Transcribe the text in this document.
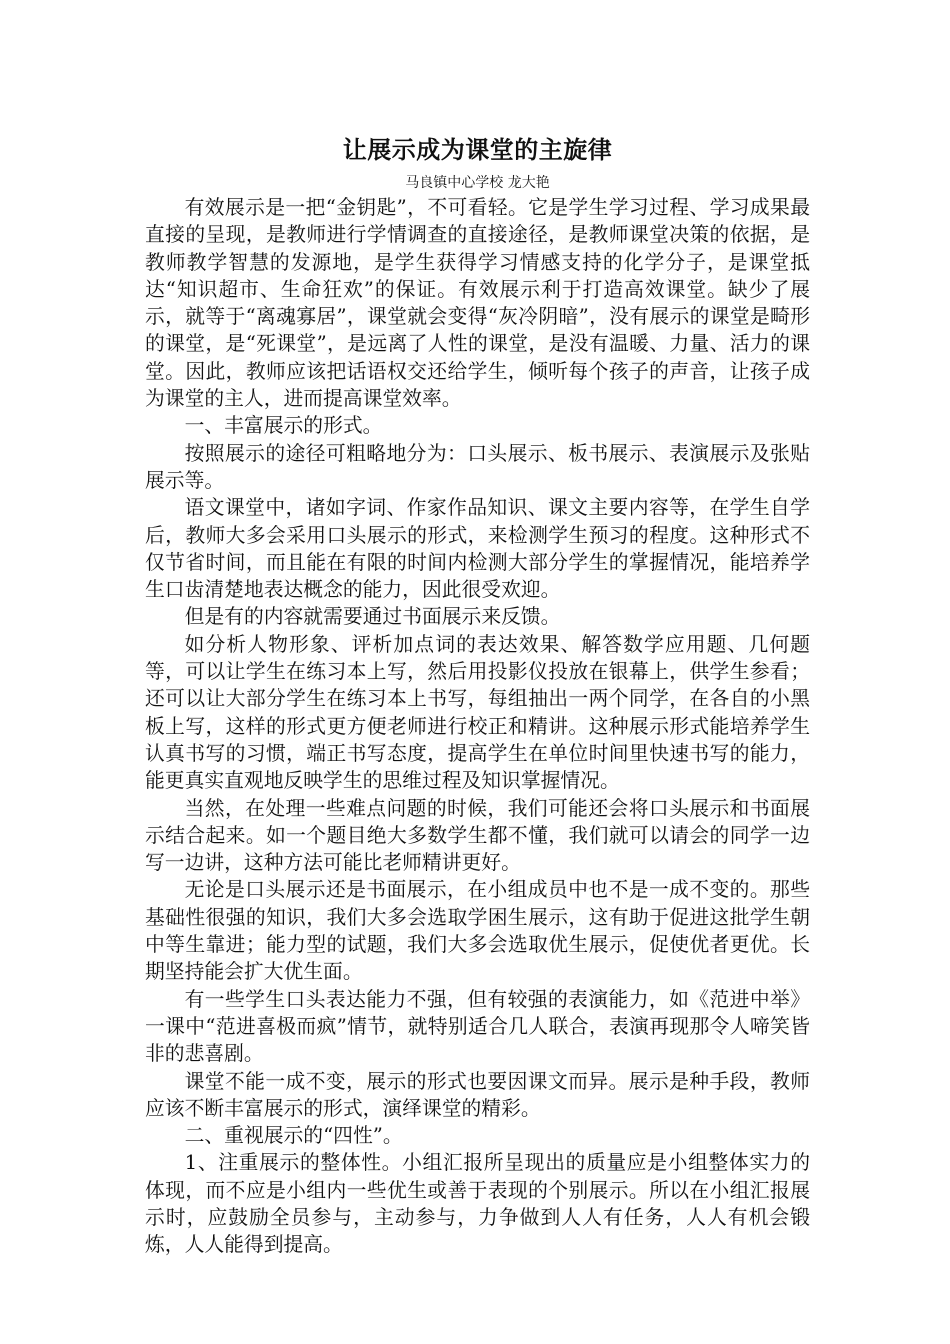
让展示成为课堂的主旋律
马良镇中心学校 龙大艳

有效展示是一把“金钥匙”，不可看轻。它是学生学习过程、学习成果最直接的呈现，是教师进行学情调查的直接途径，是教师课堂决策的依据，是教师教学智慧的发源地，是学生获得学习情感支持的化学分子，是课堂抵达“知识超市、生命狂欢”的保证。有效展示利于打造高效课堂。缺少了展示，就等于“离魂寡居”，课堂就会变得“灰冷阴暗”，没有展示的课堂是畸形的课堂，是“死课堂”，是远离了人性的课堂，是没有温暖、力量、活力的课堂。因此，教师应该把话语权交还给学生，倾听每个孩子的声音，让孩子成为课堂的主人，进而提高课堂效率。

一、丰富展示的形式。

按照展示的途径可粗略地分为：口头展示、板书展示、表演展示及张贴展示等。

语文课堂中，诸如字词、作家作品知识、课文主要内容等，在学生自学后，教师大多会采用口头展示的形式，来检测学生预习的程度。这种形式不仅节省时间，而且能在有限的时间内检测大部分学生的掌握情况，能培养学生口齿清楚地表达概念的能力，因此很受欢迎。

但是有的内容就需要通过书面展示来反馈。

如分析人物形象、评析加点词的表达效果、解答数学应用题、几何题等，可以让学生在练习本上写，然后用投影仪投放在银幕上，供学生参看；还可以让大部分学生在练习本上书写，每组抽出一两个同学，在各自的小黑板上写，这样的形式更方便老师进行校正和精讲。这种展示形式能培养学生认真书写的习惯，端正书写态度，提高学生在单位时间里快速书写的能力，能更真实直观地反映学生的思维过程及知识掌握情况。

当然，在处理一些难点问题的时候，我们可能还会将口头展示和书面展示结合起来。如一个题目绝大多数学生都不懂，我们就可以请会的同学一边写一边讲，这种方法可能比老师精讲更好。

无论是口头展示还是书面展示，在小组成员中也不是一成不变的。那些基础性很强的知识，我们大多会选取学困生展示，这有助于促进这批学生朝中等生靠进；能力型的试题，我们大多会选取优生展示，促使优者更优。长期坚持能会扩大优生面。

有一些学生口头表达能力不强，但有较强的表演能力，如《范进中举》一课中“范进喜极而疯”情节，就特别适合几人联合，表演再现那令人啼笑皆非的悲喜剧。

课堂不能一成不变，展示的形式也要因课文而异。展示是种手段，教师应该不断丰富展示的形式，演绎课堂的精彩。

二、重视展示的“四性”。

1、注重展示的整体性。小组汇报所呈现出的质量应是小组整体实力的体现，而不应是小组内一些优生或善于表现的个别展示。所以在小组汇报展示时，应鼓励全员参与，主动参与，力争做到人人有任务，人人有机会锻炼，人人能得到提高。
